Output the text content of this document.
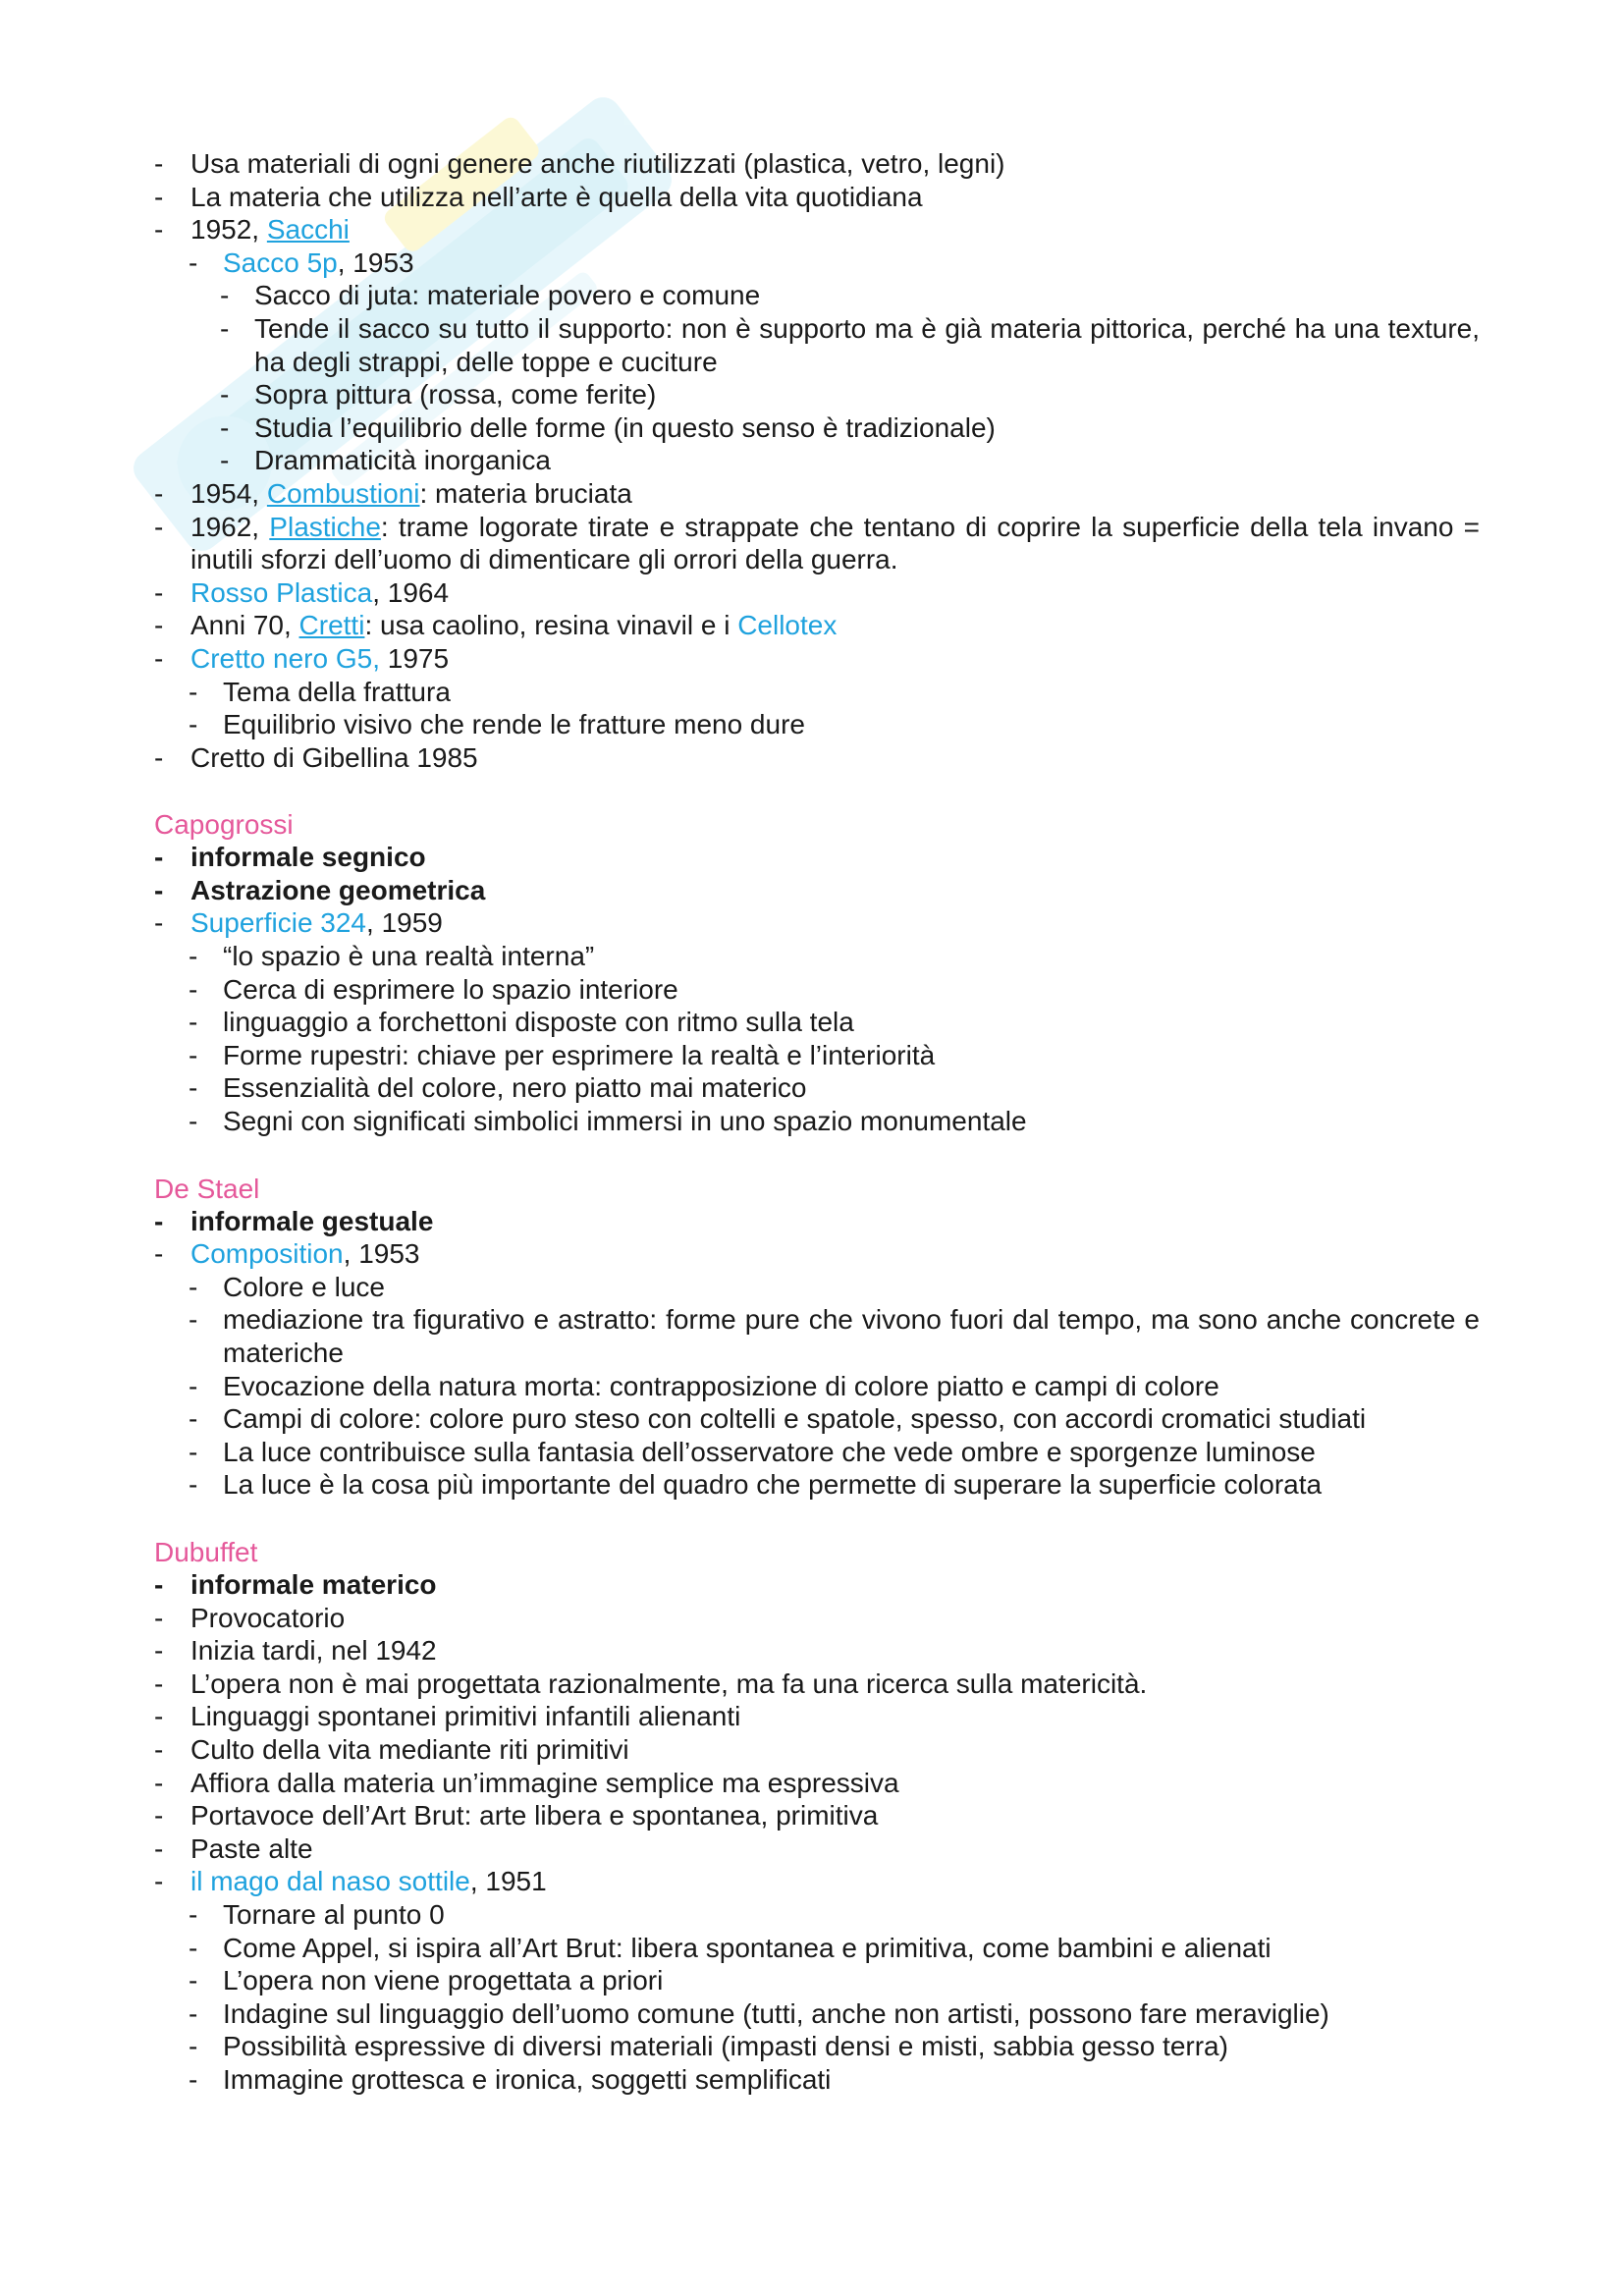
- Usa materiali di ogni genere anche riutilizzati (plastica, vetro, legni)
- La materia che utilizza nell’arte è quella della vita quotidiana
- 1952, Sacchi
- Sacco 5p, 1953
- Sacco di juta: materiale povero e comune
- Tende il sacco su tutto il supporto: non è supporto ma è già materia pittorica, perché ha una texture, ha degli strappi, delle toppe e cuciture
- Sopra pittura (rossa, come ferite)
- Studia l’equilibrio delle forme (in questo senso è tradizionale)
- Drammaticità inorganica
- 1954, Combustioni: materia bruciata
- 1962, Plastiche: trame logorate tirate e strappate che tentano di coprire la superficie della tela invano = inutili sforzi dell’uomo di dimenticare gli orrori della guerra.
- Rosso Plastica, 1964
- Anni 70, Cretti: usa caolino, resina vinavil e i Cellotex
- Cretto nero G5, 1975
- Tema della frattura
- Equilibrio visivo che rende le fratture meno dure
- Cretto di Gibellina 1985
Capogrossi
- informale segnico
- Astrazione geometrica
- Superficie 324, 1959
- “lo spazio è una realtà interna”
- Cerca di esprimere lo spazio interiore
- linguaggio a forchettoni disposte con ritmo sulla tela
- Forme rupestri: chiave per esprimere la realtà e l’interiorità
- Essenzialità del colore, nero piatto mai materico
- Segni con significati simbolici immersi in uno spazio monumentale
De Stael
- informale gestuale
- Composition, 1953
- Colore e luce
- mediazione tra figurativo e astratto: forme pure che vivono fuori dal tempo, ma sono anche concrete e materiche
- Evocazione della natura morta: contrapposizione di colore piatto e campi di colore
- Campi di colore: colore puro steso con coltelli e spatole, spesso, con accordi cromatici studiati
- La luce contribuisce sulla fantasia dell’osservatore che vede ombre e sporgenze luminose
- La luce è la cosa più importante del quadro che permette di superare la superficie colorata
Dubuffet
- informale materico
- Provocatorio
- Inizia tardi, nel 1942
- L’opera non è mai progettata razionalmente, ma fa una ricerca sulla matericità.
- Linguaggi spontanei primitivi infantili alienanti
- Culto della vita mediante riti primitivi
- Affiora dalla materia un’immagine semplice ma espressiva
- Portavoce dell’Art Brut: arte libera e spontanea, primitiva
- Paste alte
- il mago dal naso sottile, 1951
- Tornare al punto 0
- Come Appel, si ispira all’Art Brut: libera spontanea e primitiva, come bambini e alienati
- L’opera non viene progettata a priori
- Indagine sul linguaggio dell’uomo comune (tutti, anche non artisti, possono fare meraviglie)
- Possibilità espressive di diversi materiali (impasti densi e misti, sabbia gesso terra)
- Immagine grottesca e ironica, soggetti semplificati
